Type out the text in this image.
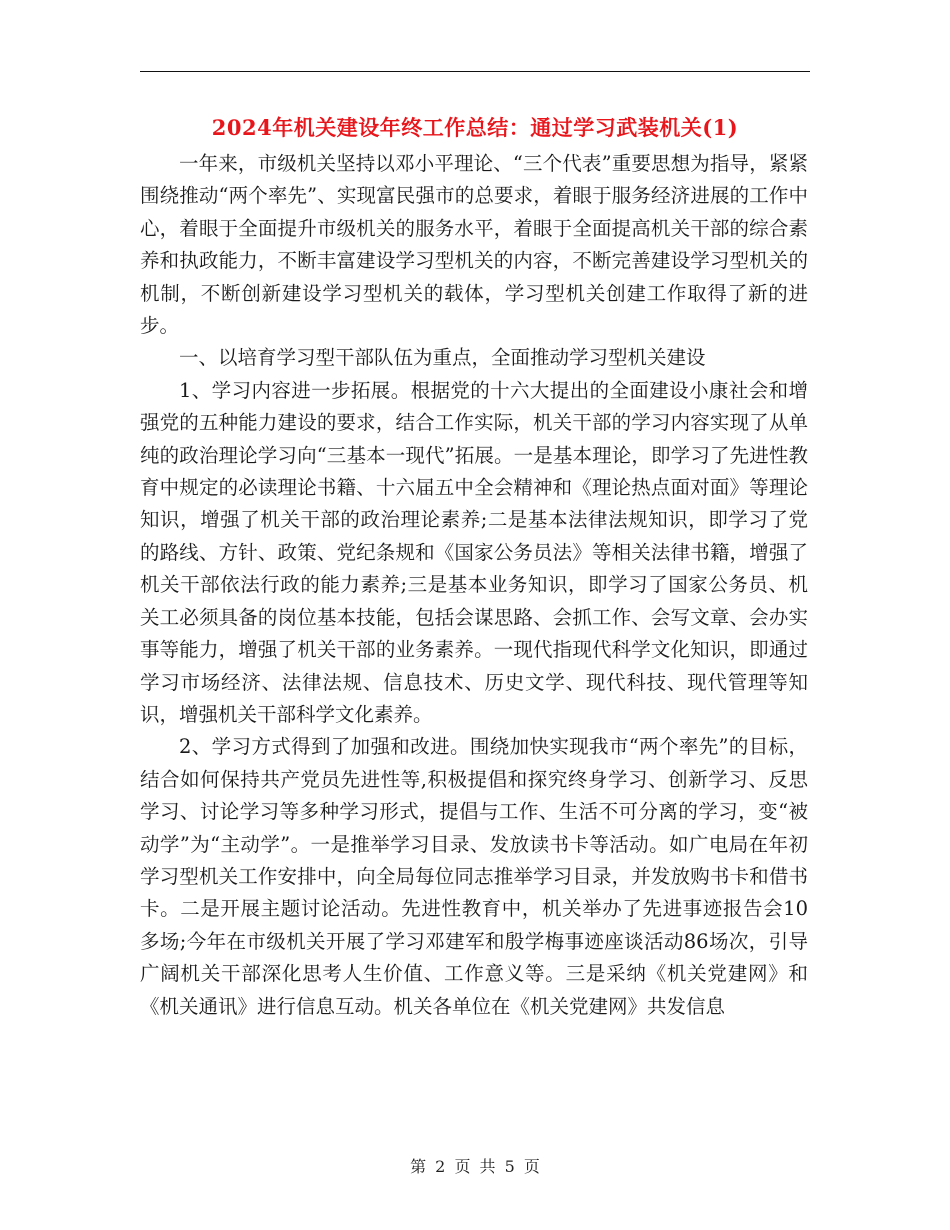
2024年机关建设年终工作总结：通过学习武装机关(1)

一年来，市级机关坚持以邓小平理论、“三个代表”重要思想为指导，紧紧围绕推动“两个率先”、实现富民强市的总要求，着眼于服务经济进展的工作中心，着眼于全面提升市级机关的服务水平，着眼于全面提高机关干部的综合素养和执政能力，不断丰富建设学习型机关的内容，不断完善建设学习型机关的机制，不断创新建设学习型机关的载体，学习型机关创建工作取得了新的进步。

一、以培育学习型干部队伍为重点，全面推动学习型机关建设

1、学习内容进一步拓展。根据党的十六大提出的全面建设小康社会和增强党的五种能力建设的要求，结合工作实际，机关干部的学习内容实现了从单纯的政治理论学习向“三基本一现代”拓展。一是基本理论，即学习了先进性教育中规定的必读理论书籍、十六届五中全会精神和《理论热点面对面》等理论知识，增强了机关干部的政治理论素养;二是基本法律法规知识，即学习了党的路线、方针、政策、党纪条规和《国家公务员法》等相关法律书籍，增强了机关干部依法行政的能力素养;三是基本业务知识，即学习了国家公务员、机关工必须具备的岗位基本技能，包括会谋思路、会抓工作、会写文章、会办实事等能力，增强了机关干部的业务素养。一现代指现代科学文化知识，即通过学习市场经济、法律法规、信息技术、历史文学、现代科技、现代管理等知识，增强机关干部科学文化素养。

2、学习方式得到了加强和改进。围绕加快实现我市“两个率先”的目标，结合如何保持共产党员先进性等,积极提倡和探究终身学习、创新学习、反思学习、讨论学习等多种学习形式，提倡与工作、生活不可分离的学习，变“被动学”为“主动学”。一是推举学习目录、发放读书卡等活动。如广电局在年初学习型机关工作安排中，向全局每位同志推举学习目录，并发放购书卡和借书卡。二是开展主题讨论活动。先进性教育中，机关举办了先进事迹报告会10多场;今年在市级机关开展了学习邓建军和殷学梅事迹座谈活动86场次，引导广阔机关干部深化思考人生价值、工作意义等。三是采纳《机关党建网》和《机关通讯》进行信息互动。机关各单位在《机关党建网》共发信息

第 2 页 共 5 页
